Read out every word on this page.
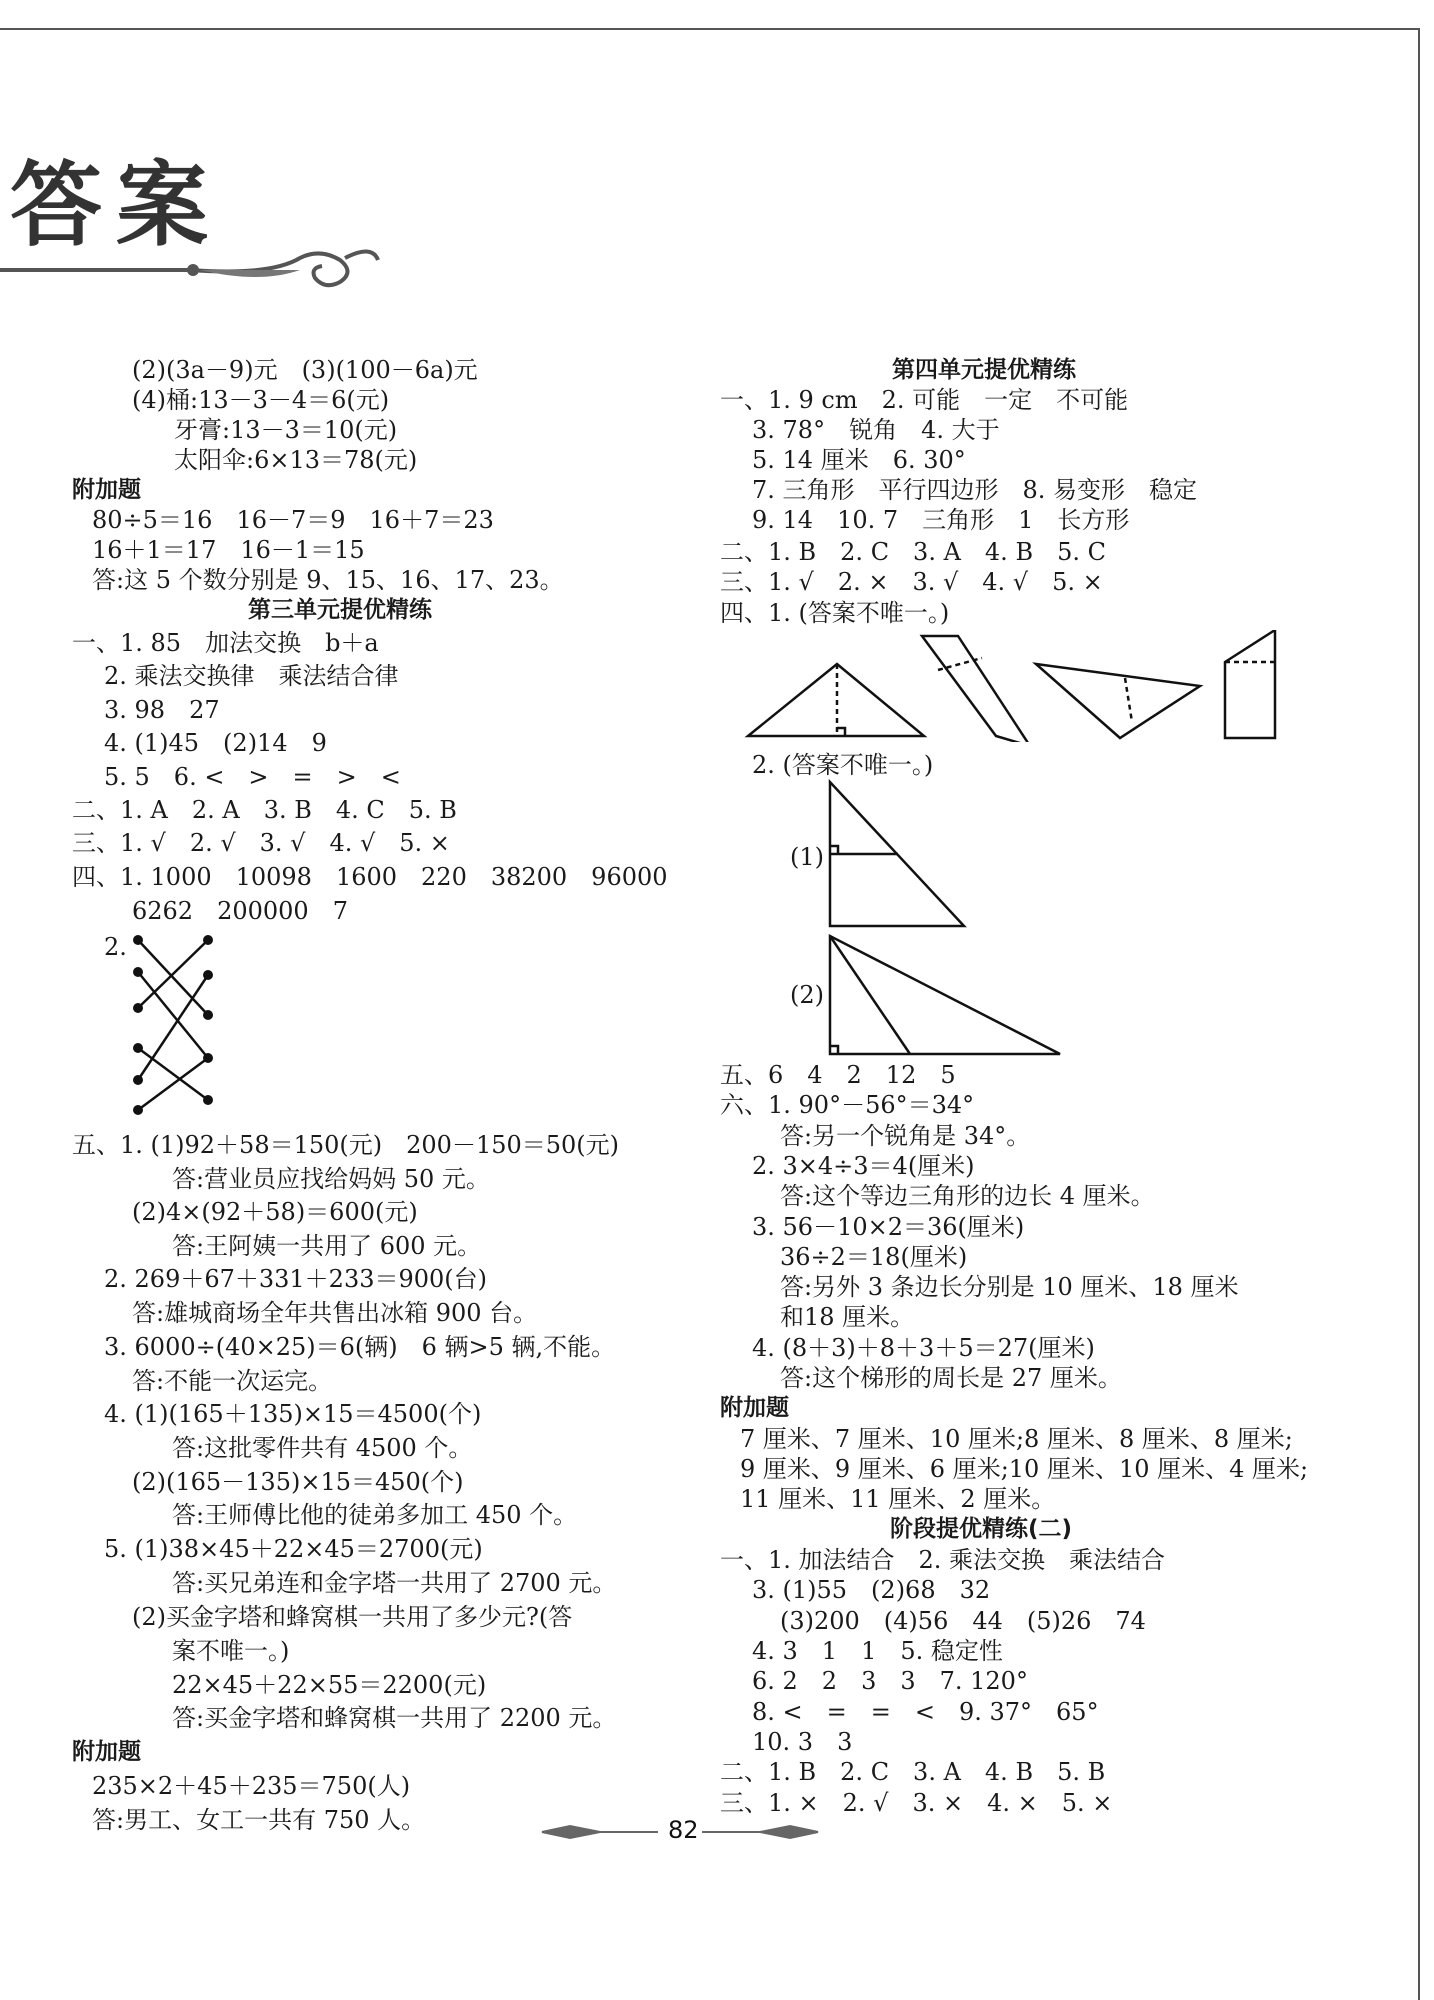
答案
(2)(3a－9)元　(3)(100－6a)元
(4)桶:13－3－4＝6(元)
牙膏:13－3＝10(元)
太阳伞:6×13＝78(元)
附加题
80÷5＝16　16－7＝9　16＋7＝23
16＋1＝17　16－1＝15
答:这 5 个数分别是 9、15、16、17、23。
第三单元提优精练
一、1. 85　加法交换　b＋a
2. 乘法交换律　乘法结合律
3. 98　27
4. (1)45　(2)14　9
5. 5　6. <　>　=　>　<
二、1. A　2. A　3. B　4. C　5. B
三、1. √　2. √　3. √　4. √　5. ×
四、1. 1000　10098　1600　220　38200　96000
6262　200000　7
2.
五、1. (1)92＋58＝150(元)　200－150＝50(元)
答:营业员应找给妈妈 50 元。
(2)4×(92＋58)＝600(元)
答:王阿姨一共用了 600 元。
2. 269＋67＋331＋233＝900(台)
答:雄城商场全年共售出冰箱 900 台。
3. 6000÷(40×25)＝6(辆)　6 辆>5 辆,不能。
答:不能一次运完。
4. (1)(165＋135)×15＝4500(个)
答:这批零件共有 4500 个。
(2)(165－135)×15＝450(个)
答:王师傅比他的徒弟多加工 450 个。
5. (1)38×45＋22×45＝2700(元)
答:买兄弟连和金字塔一共用了 2700 元。
(2)买金字塔和蜂窝棋一共用了多少元?(答
案不唯一。)
22×45＋22×55＝2200(元)
答:买金字塔和蜂窝棋一共用了 2200 元。
附加题
235×2＋45＋235＝750(人)
答:男工、女工一共有 750 人。
第四单元提优精练
一、1. 9 cm　2. 可能　一定　不可能
3. 78°　锐角　4. 大于
5. 14 厘米　6. 30°
7. 三角形　平行四边形　8. 易变形　稳定
9. 14　10. 7　三角形　1　长方形
二、1. B　2. C　3. A　4. B　5. C
三、1. √　2. ×　3. √　4. √　5. ×
四、1. (答案不唯一。)
2. (答案不唯一。)
(1)
(2)
五、6　4　2　12　5
六、1. 90°－56°＝34°
答:另一个锐角是 34°。
2. 3×4÷3＝4(厘米)
答:这个等边三角形的边长 4 厘米。
3. 56－10×2＝36(厘米)
36÷2＝18(厘米)
答:另外 3 条边长分别是 10 厘米、18 厘米
和18 厘米。
4. (8＋3)＋8＋3＋5＝27(厘米)
答:这个梯形的周长是 27 厘米。
附加题
7 厘米、7 厘米、10 厘米;8 厘米、8 厘米、8 厘米;
9 厘米、9 厘米、6 厘米;10 厘米、10 厘米、4 厘米;
11 厘米、11 厘米、2 厘米。
阶段提优精练(二)
一、1. 加法结合　2. 乘法交换　乘法结合
3. (1)55　(2)68　32
(3)200　(4)56　44　(5)26　74
4. 3　1　1　5. 稳定性
6. 2　2　3　3　7. 120°
8. <　=　=　<　9. 37°　65°
10. 3　3
二、1. B　2. C　3. A　4. B　5. B
三、1. ×　2. √　3. ×　4. ×　5. ×
82
